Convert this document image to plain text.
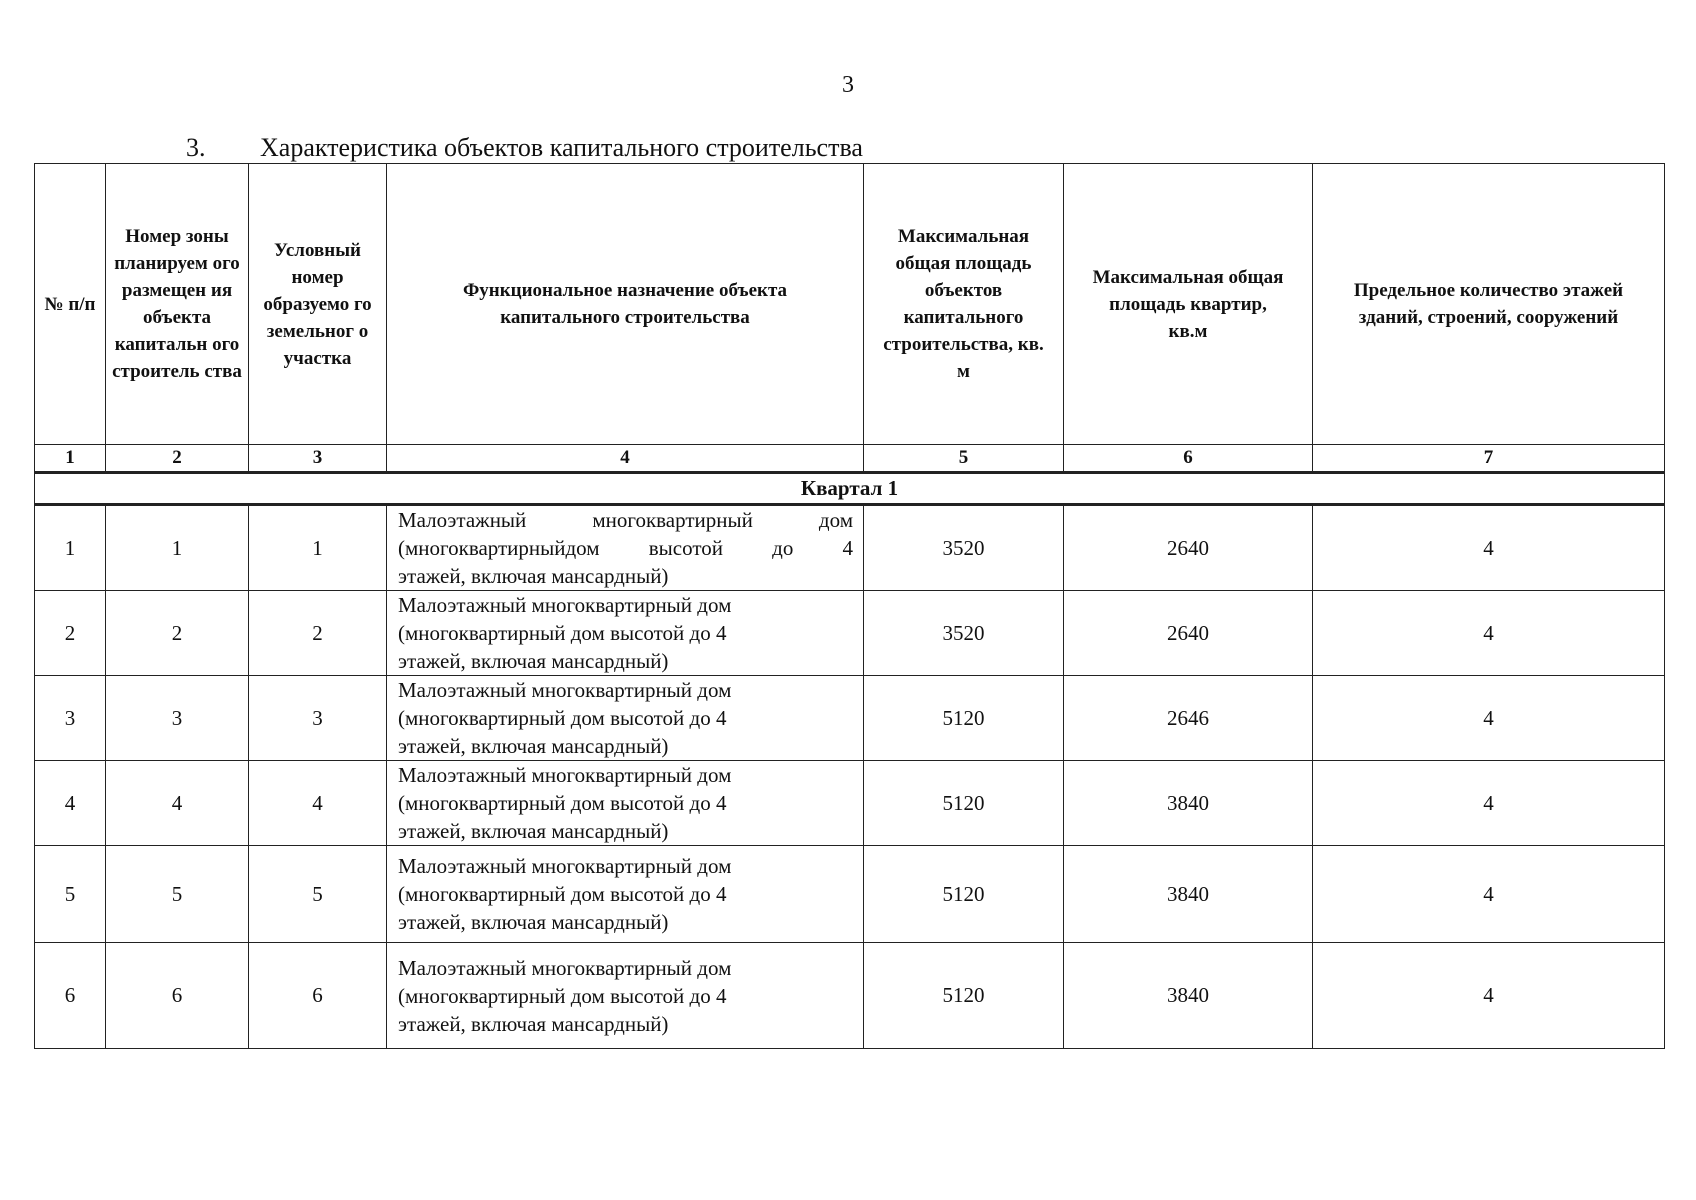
3
3. Характеристика объектов капитального строительства
№ п/п	Номер зоны планируем ого размещен ия объекта капитальн ого строитель ства	Условный номер образуемо го земельног о участка	Функциональное назначение объекта капитального строительства	Максимальная общая площадь объектов капитального строительства, кв. м	Максимальная общая площадь квартир, кв.м	Предельное количество этажей зданий, строений, сооружений
1	2	3	4	5	6	7
Квартал 1						
1	1	1	Малоэтажный многоквартирный дом
(многоквартирныйдом высотой до 4
этажей, включая мансардный)	3520	2640	4
2	2	2	Малоэтажный многоквартирный дом
(многоквартирный дом высотой до 4
этажей, включая мансардный)	3520	2640	4
3	3	3	Малоэтажный многоквартирный дом
(многоквартирный дом высотой до 4
этажей, включая мансардный)	5120	2646	4
4	4	4	Малоэтажный многоквартирный дом
(многоквартирный дом высотой до 4
этажей, включая мансардный)	5120	3840	4
5	5	5	Малоэтажный многоквартирный дом
(многоквартирный дом высотой до 4
этажей, включая мансардный)	5120	3840	4
6	6	6	Малоэтажный многоквартирный дом
(многоквартирный дом высотой до 4
этажей, включая мансардный)	5120	3840	4
